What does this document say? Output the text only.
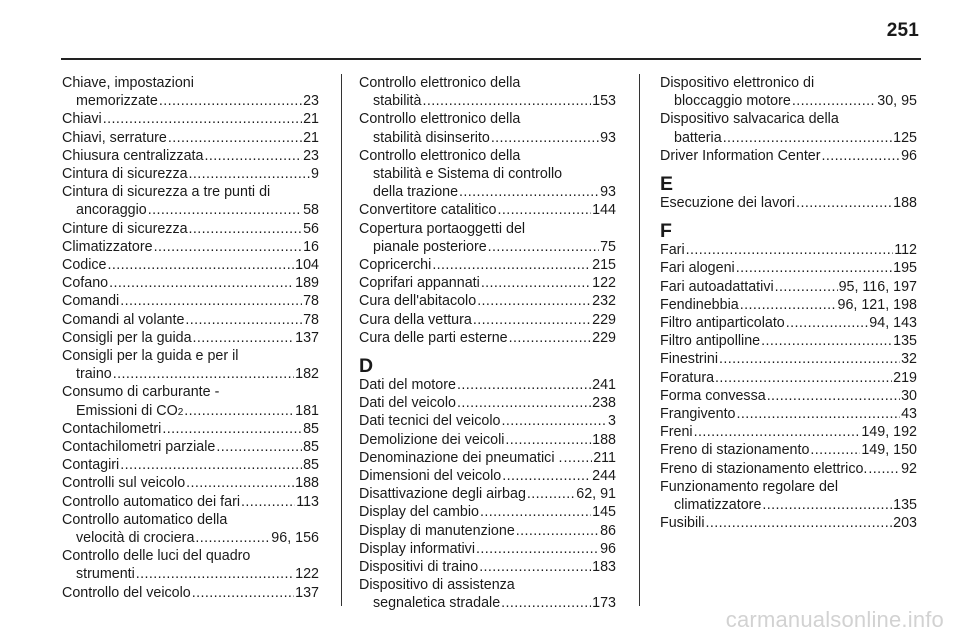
251
Chiave, impostazioni
memorizzate .....	23
Chiavi .....	21
Chiavi, serrature .....	21
Chiusura centralizzata .....	23
Cintura di sicurezza .....	9
Cintura di sicurezza a tre punti di
ancoraggio .....	58
Cinture di sicurezza .....	56
Climatizzatore .....	16
Codice .....	104
Cofano .....	189
Comandi .....	78
Comandi al volante .....	78
Consigli per la guida .....	137
Consigli per la guida e per il
traino .....	182
Consumo di carburante -
Emissioni di CO 2 .....	181
Contachilometri .....	85
Contachilometri parziale .....	85
Contagiri .....	85
Controlli sul veicolo .....	188
Controllo automatico dei fari .....	113
Controllo automatico della
velocità di crociera .....	96, 156
Controllo delle luci del quadro
strumenti .....	122
Controllo del veicolo .....	137
Controllo elettronico della
stabilità .....	153
Controllo elettronico della
stabilità disinserito .....	93
Controllo elettronico della
stabilità e Sistema di controllo
della trazione .....	93
Convertitore catalitico .....	144
Copertura portaoggetti del
pianale posteriore .....	75
Copricerchi .....	215
Coprifari appannati .....	122
Cura dell'abitacolo .....	232
Cura della vettura .....	229
Cura delle parti esterne .....	229
D
Dati del motore .....	241
Dati del veicolo .....	238
Dati tecnici del veicolo .....	3
Demolizione dei veicoli .....	188
Denominazione dei pneumatici . ..... 211
Dimensioni del veicolo .....	244
Disattivazione degli airbag .....	62, 91
Display del cambio .....	145
Display di manutenzione .....	86
Display informativi .....	96
Dispositivi di traino .....	183
Dispositivo di assistenza
segnaletica stradale .....	173
Dispositivo elettronico di
bloccaggio motore .....	30, 95
Dispositivo salvacarica della
batteria .....	125
Driver Information Center .....	96
E
Esecuzione dei lavori .....	188
F
Fari .....	112
Fari alogeni .....	195
Fari autoadattativi .....	95, 116, 197
Fendinebbia .....	96, 121, 198
Filtro antiparticolato .....	94, 143
Filtro antipolline .....	135
Finestrini .....	32
Foratura .....	219
Forma convessa .....	30
Frangivento .....	43
Freni .....	149, 192
Freno di stazionamento .....	149, 150
Freno di stazionamento elettrico. ..... 92
Funzionamento regolare del
climatizzatore .....	135
Fusibili .....	203
carmanualsonline.info
